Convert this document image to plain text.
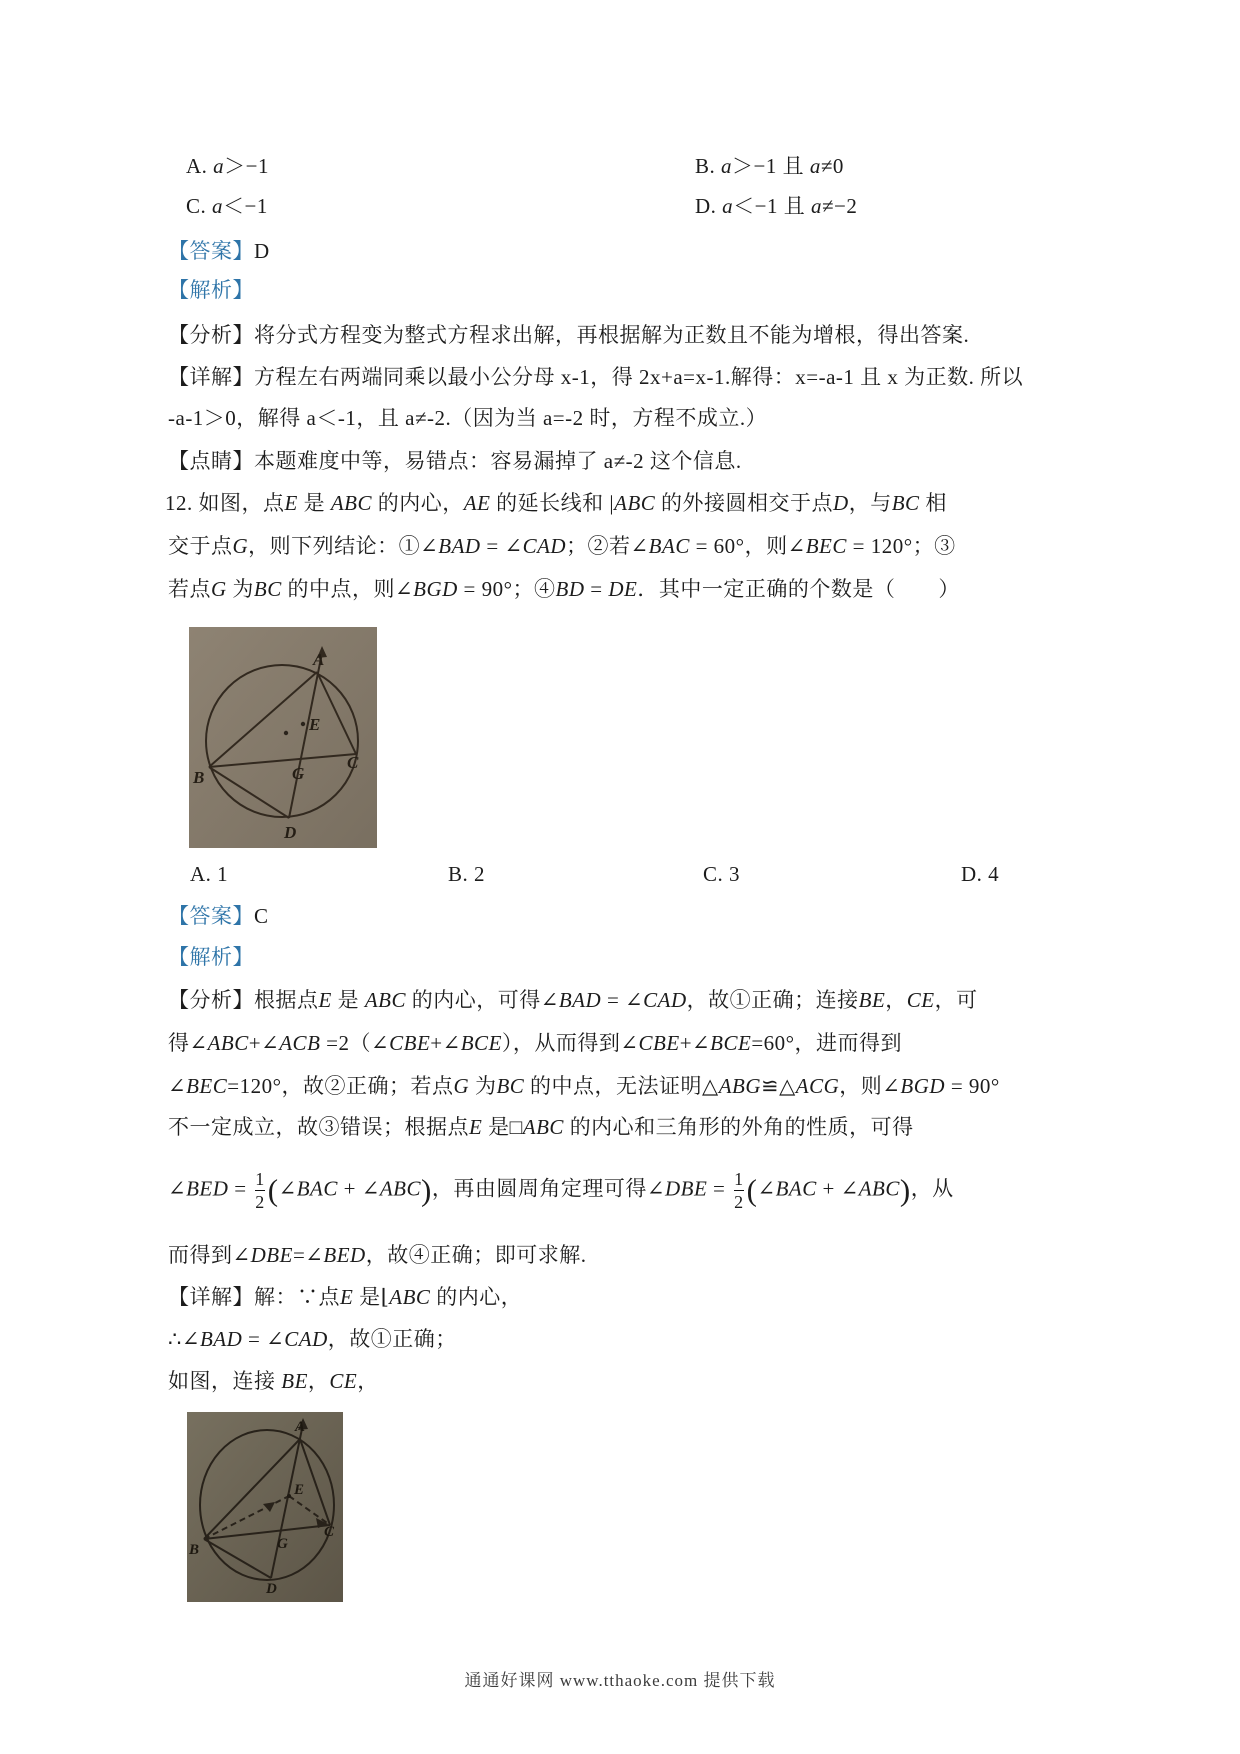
A. a＞−1	B. a＞−1 且 a≠0
C. a＜−1	D. a＜−1 且 a≠−2
【答案】D
【解析】
【分析】将分式方程变为整式方程求出解，再根据解为正数且不能为增根，得出答案.
【详解】方程左右两端同乘以最小公分母 x-1，得 2x+a=x-1.解得：x=-a-1 且 x 为正数. 所以
-a-1＞0，解得 a＜-1，且 a≠-2.（因为当 a=-2 时，方程不成立.）
【点睛】本题难度中等，易错点：容易漏掉了 a≠-2 这个信息.
12. 如图，点E 是 ABC 的内心，AE 的延长线和 |ABC 的外接圆相交于点D，与BC 相
交于点G，则下列结论：①∠BAD = ∠CAD；②若∠BAC = 60°，则∠BEC = 120°；③
若点G 为BC 的中点，则∠BGD = 90°；④BD = DE．其中一定正确的个数是（　　）
A
B
C
D
E
G
A. 1	B. 2	C. 3	D. 4
【答案】C
【解析】
【分析】根据点E 是 ABC 的内心，可得∠BAD = ∠CAD，故①正确；连接BE，CE，可
得∠ABC+∠ACB =2（∠CBE+∠BCE），从而得到∠CBE+∠BCE=60°，进而得到
∠BEC=120°，故②正确；若点G 为BC 的中点，无法证明△ABG≌△ACG，则∠BGD = 90°
不一定成立，故③错误；根据点E 是□ABC 的内心和三角形的外角的性质，可得
∠BED = $\frac{1}{2}$ (∠BAC + ∠ABC)，再由圆周角定理可得∠DBE = $\frac{1}{2}$ (∠BAC + ∠ABC)，从
而得到∠DBE=∠BED，故④正确；即可求解.
【详解】解：∵点E 是⌊ABC 的内心，
∴∠BAD = ∠CAD，故①正确；
如图，连接 BE，CE，
A
B
C
D
E
G
通通好课网 www.tthaoke.com 提供下载
